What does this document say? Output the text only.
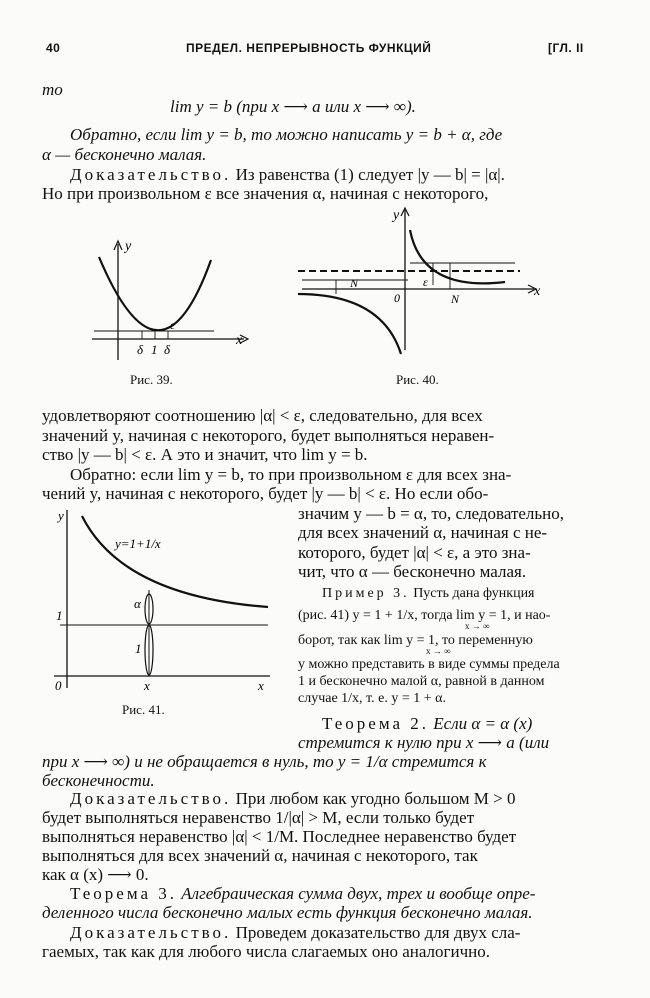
40	ПРЕДЕЛ. НЕПРЕРЫВНОСТЬ ФУНКЦИЙ	[ГЛ. II
то
lim y = b (при x ⟶ a или x ⟶ ∞).
Обратно, если lim y = b, то можно написать y = b + α, где
α — бесконечно малая.
Доказательство. Из равенства (1) следует |y — b| = |α|.
Но при произвольном ε все значения α, начиная с некоторого,
y
x
ε
δ 1 δ
Рис. 39.
y
x
0
N	ε
N
Рис. 40.
удовлетворяют соотношению |α| < ε, следовательно, для всех
значений y, начиная с некоторого, будет выполняться неравен-
ство |y — b| < ε. А это и значит, что lim y = b.
Обратно: если lim y = b, то при произвольном ε для всех зна-
чений y, начиная с некоторого, будет |y — b| < ε. Но если обо-
значим y — b = α, то, следовательно,
для всех значений α, начиная с не-
которого, будет |α| < ε, а это зна-
чит, что α — бесконечно малая.
y
x
y=1+1/x
1
0	x
α
1
Рис. 41.
Пример 3. Пусть дана функция
(рис. 41) y = 1 + 1/x, тогда lim y = 1, и нао-
x → ∞
борот, так как lim y = 1, то переменную
x → ∞
y можно представить в виде суммы предела
1 и бесконечно малой α, равной в данном
случае 1/x, т. е. y = 1 + α.
Теорема 2. Если α = α (x)
стремится к нулю при x ⟶ a (или
при x ⟶ ∞) и не обращается в нуль, то y = 1/α стремится к
бесконечности.
Доказательство. При любом как угодно большом M > 0
будет выполняться неравенство 1/|α| > M, если только будет
выполняться неравенство |α| < 1/M. Последнее неравенство будет
выполняться для всех значений α, начиная с некоторого, так
как α (x) ⟶ 0.
Теорема 3. Алгебраическая сумма двух, трех и вообще опре-
деленного числа бесконечно малых есть функция бесконечно малая.
Доказательство. Проведем доказательство для двух сла-
гаемых, так как для любого числа слагаемых оно аналогично.
